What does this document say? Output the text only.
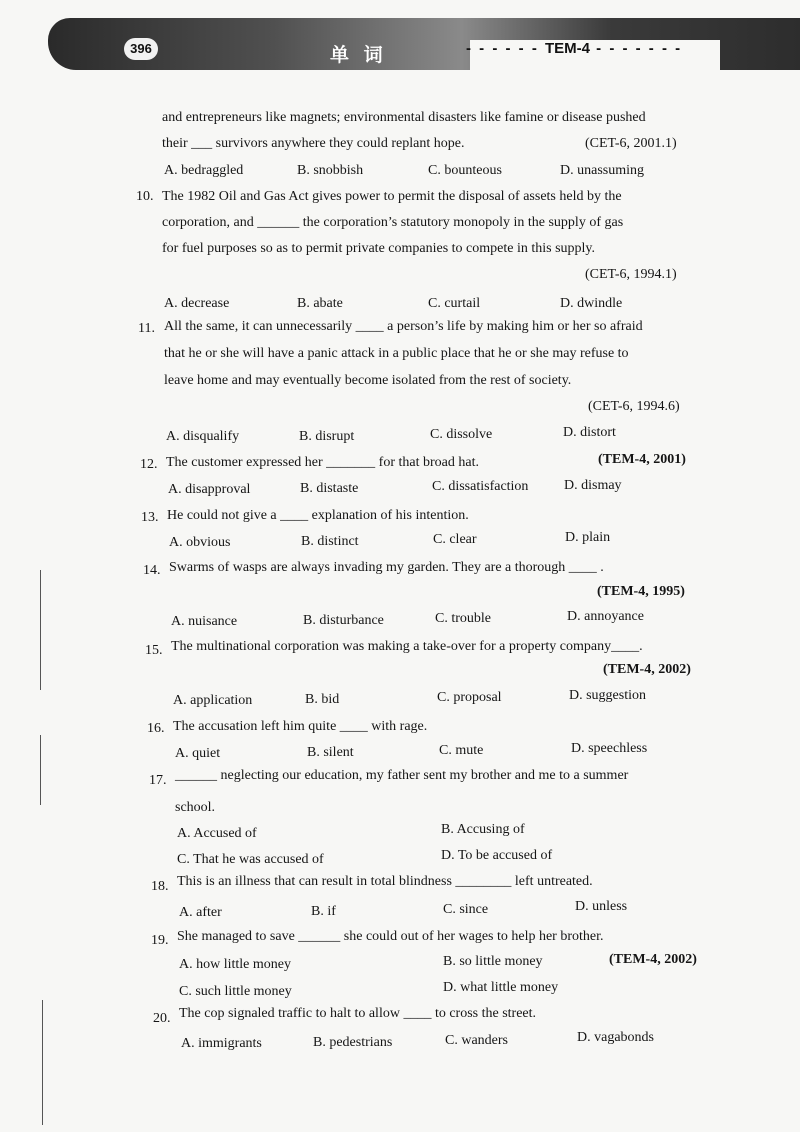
396	单 词	- - - - - - TEM-4 - - - - - - -
and entrepreneurs like magnets; environmental disasters like famine or disease pushed
their ___ survivors anywhere they could replant hope.	(CET-6, 2001.1)
A. bedraggled	B. snobbish	C. bounteous	D. unassuming
10. The 1982 Oil and Gas Act gives power to permit the disposal of assets held by the
corporation, and ______ the corporation’s statutory monopoly in the supply of gas
for fuel purposes so as to permit private companies to compete in this supply.
(CET-6, 1994.1)
A. decrease	B. abate	C. curtail	D. dwindle
11. All the same, it can unnecessarily ____ a person’s life by making him or her so afraid
that he or she will have a panic attack in a public place that he or she may refuse to
leave home and may eventually become isolated from the rest of society.
(CET-6, 1994.6)
A. disqualify	B. disrupt	C. dissolve	D. distort
12. The customer expressed her _______ for that broad hat.	(TEM-4, 2001)
A. disapproval	B. distaste	C. dissatisfaction	D. dismay
13. He could not give a ____ explanation of his intention.
A. obvious	B. distinct	C. clear	D. plain
14. Swarms of wasps are always invading my garden. They are a thorough ____ .
(TEM-4, 1995)
A. nuisance	B. disturbance	C. trouble	D. annoyance
15. The multinational corporation was making a take-over for a property company____.
(TEM-4, 2002)
A. application	B. bid	C. proposal	D. suggestion
16. The accusation left him quite ____ with rage.
A. quiet	B. silent	C. mute	D. speechless
17. ______ neglecting our education, my father sent my brother and me to a summer
school.
A. Accused of	B. Accusing of
C. That he was accused of	D. To be accused of
18. This is an illness that can result in total blindness ________ left untreated.
A. after	B. if	C. since	D. unless
19. She managed to save ______ she could out of her wages to help her brother.
A. how little money	B. so little money	(TEM-4, 2002)
C. such little money	D. what little money
20. The cop signaled traffic to halt to allow ____ to cross the street.
A. immigrants	B. pedestrians	C. wanders	D. vagabonds
